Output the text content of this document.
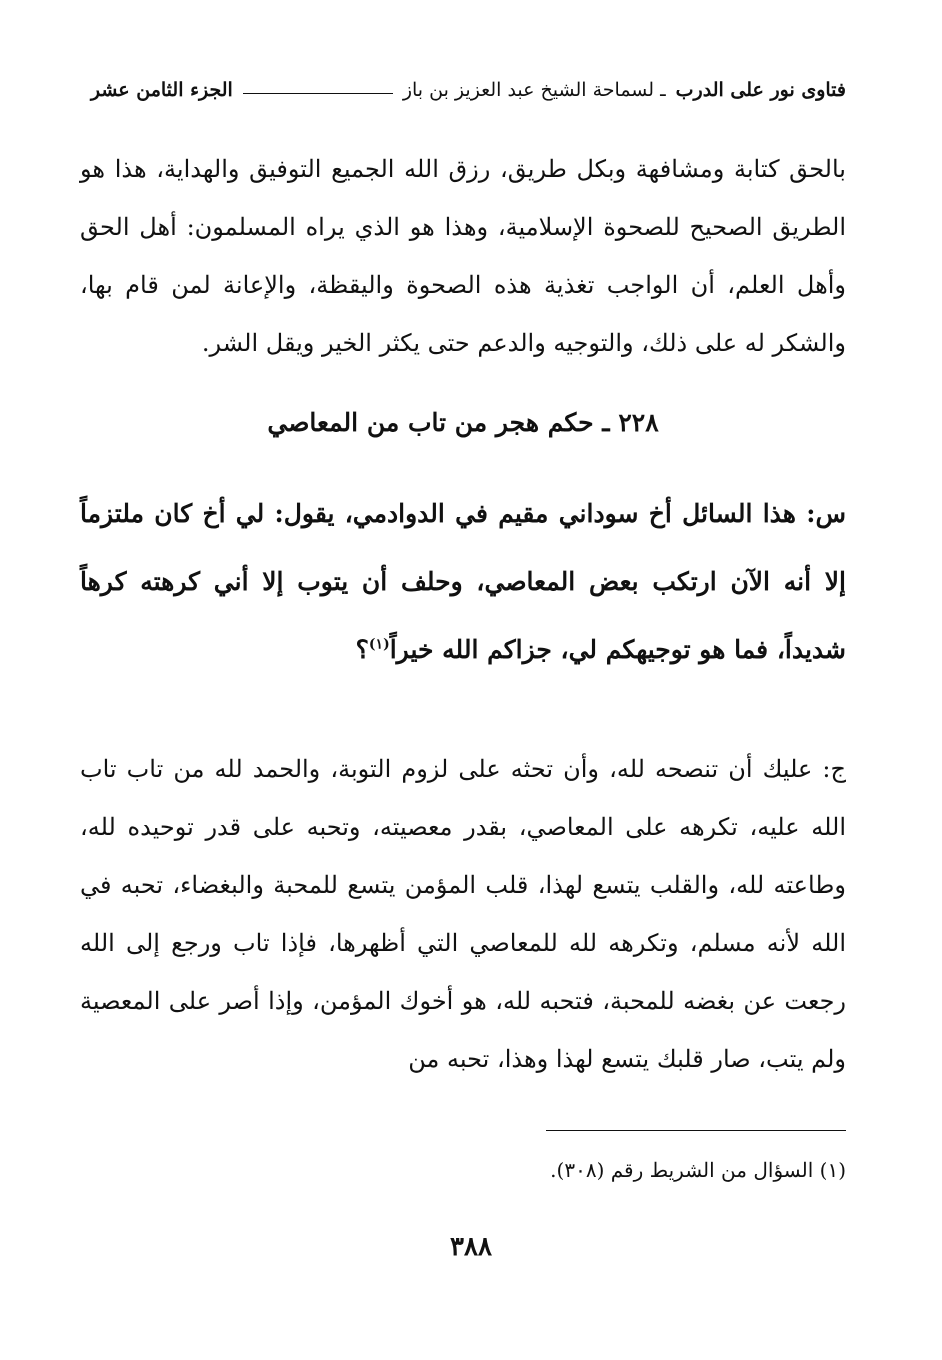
فتاوى نور على الدرب
ـ لسماحة الشيخ عبد العزيز بن باز
الجزء الثامن عشر

بالحق كتابة ومشافهة وبكل طريق، رزق الله الجميع التوفيق والهداية، هذا هو الطريق الصحيح للصحوة الإسلامية، وهذا هو الذي يراه المسلمون: أهل الحق وأهل العلم، أن الواجب تغذية هذه الصحوة واليقظة، والإعانة لمن قام بها، والشكر له على ذلك، والتوجيه والدعم حتى يكثر الخير ويقل الشر.

٢٢٨ ـ حكم هجر من تاب من المعاصي

س: هذا السائل أخ سوداني مقيم في الدوادمي، يقول: لي أخ كان ملتزماً إلا أنه الآن ارتكب بعض المعاصي، وحلف أن يتوب إلا أني كرهته كرهاً شديداً، فما هو توجيهكم لي، جزاكم الله خيراً$^{(١)}$؟

ج: عليك أن تنصحه لله، وأن تحثه على لزوم التوبة، والحمد لله من تاب تاب الله عليه، تكرهه على المعاصي، بقدر معصيته، وتحبه على قدر توحيده لله، وطاعته لله، والقلب يتسع لهذا، قلب المؤمن يتسع للمحبة والبغضاء، تحبه في الله لأنه مسلم، وتكرهه لله للمعاصي التي أظهرها، فإذا تاب ورجع إلى الله رجعت عن بغضه للمحبة، فتحبه لله، هو أخوك المؤمن، وإذا أصر على المعصية ولم يتب، صار قلبك يتسع لهذا وهذا، تحبه من

(١) السؤال من الشريط رقم (٣٠٨).

٣٨٨
